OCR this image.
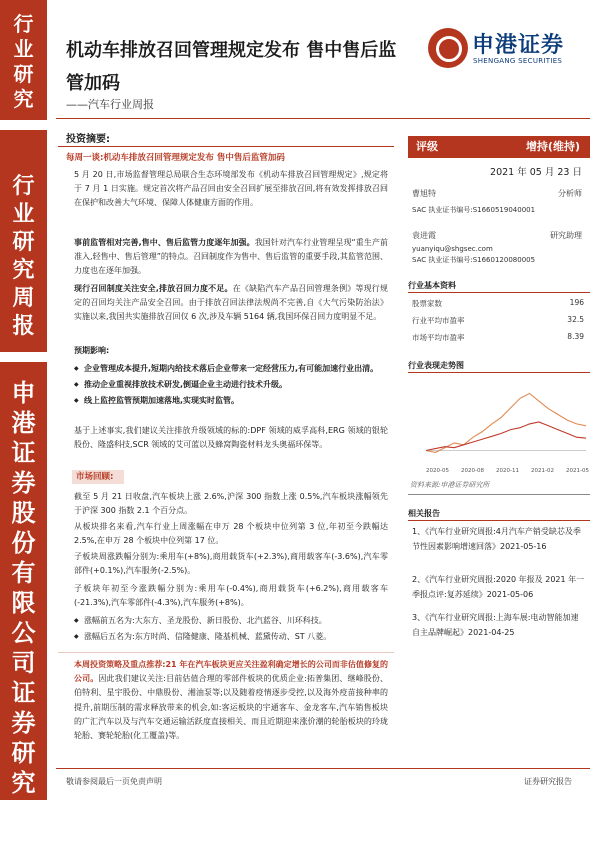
行
业
研
究
行
业
研
究
周
报
申
港
证
券
股
份
有
限
公
司
证
券
研
究
报
告
机动车排放召回管理规定发布 售中售后监管加码
——汽车行业周报
申港证券
SHENGANG SECURITIES
投资摘要:
每周一谈:机动车排放召回管理规定发布 售中售后监管加码
5 月 20 日,市场监督管理总局联合生态环境部发布《机动车排放召回管理规定》,规定将于 7 月 1 日实施。规定首次将产品召回由安全召回扩展至排放召回,将有效发挥排放召回在保护和改善大气环境、保障人体健康方面的作用。
事前监管相对完善,售中、售后监管力度逐年加强。我国针对汽车行业管理呈现“重生产前准入,轻售中、售后管理”的特点。召回制度作为售中、售后监管的重要手段,其监管范围、力度也在逐年加强。
现行召回制度关注安全,排放召回力度不足。在《缺陷汽车产品召回管理条例》等现行规定的召回均关注产品安全召回。由于排放召回法律法规尚不完善,自《大气污染防治法》实施以来,我国共实施排放召回仅 6 次,涉及车辆 5164 辆,我国环保召回力度明显不足。
预期影响:
◆ 企业管理成本提升,短期内给技术落后企业带来一定经营压力,有可能加速行业出清。
◆ 推动企业重视排放技术研发,倒逼企业主动进行技术升级。
◆ 线上监控监管预期加速落地,实现实时监管。
基于上述事实,我们建议关注排放升级领域的标的:DPF 领域的威孚高科,ERG 领域的银轮股份、隆盛科技,SCR 领域的艾可蓝以及蜂窝陶瓷材料龙头奥福环保等。
市场回顾:
截至 5 月 21 日收盘,汽车板块上涨 2.6%,沪深 300 指数上涨 0.5%,汽车板块涨幅领先于沪深 300 指数 2.1 个百分点。
从板块排名来看,汽车行业上周涨幅在申万 28 个板块中位列第 3 位,年初至今跌幅达 2.5%,在申万 28 个板块中位列第 17 位。
子板块周涨跌幅分别为:乘用车(+8%),商用载货车(+2.3%),商用载客车(-3.6%),汽车零部件(+0.1%),汽车服务(-2.5%)。
子板块年初至今涨跌幅分别为:乘用车(-0.4%),商用载货车(+6.2%),商用载客车(-21.3%),汽车零部件(-4.3%),汽车服务(+8%)。
◆ 涨幅前五名为:大东方、圣龙股份、新日股份、北汽蓝谷、川环科技。
◆ 涨幅后五名为:东方时尚、信隆健康、隆基机械、蓝黛传动、ST 八菱。
本周投资策略及重点推荐:21 年在汽车板块更应关注盈利确定增长的公司而非估值修复的公司。因此我们建议关注:目前估值合理的零部件板块的优质企业:拓普集团、继峰股份、伯特利、星宇股份、中鼎股份、湘油泵等;以及随着疫情逐步受控,以及海外疫苗接种率的提升,前期压制的需求释放带来的机会,如:客运板块的宇通客车、金龙客车,汽车销售板块的广汇汽车以及与汽车交通运输活跃度直接相关、而且近期迎来涨价潮的轮胎板块的玲珑轮胎、赛轮轮胎(化工覆盖)等。
评级	增持(维持)
2021 年 05 月 23 日
曹旭特	分析师
SAC 执业证书编号:S1660519040001
袁进霞	研究助理
yuanyiqu@shgsec.com
SAC 执业证书编号:S1660120080005
行业基本资料
股票家数	196
行业平均市盈率	32.5
市场平均市盈率	8.39
行业表现走势图
2020-05 2020-08 2020-11 2021-02 2021-05
资料来源:申港证券研究所
相关报告
1、《汽车行业研究周报:4月汽车产销受缺芯及季节性因素影响增速回落》2021-05-16
2、《汽车行业研究周报:2020 年报及 2021 年一季报点评:复苏延续》2021-05-06
3、《汽车行业研究周报:上海车展:电动智能加速 自主品牌崛起》2021-04-25
敬请参阅最后一页免责声明	证券研究报告
